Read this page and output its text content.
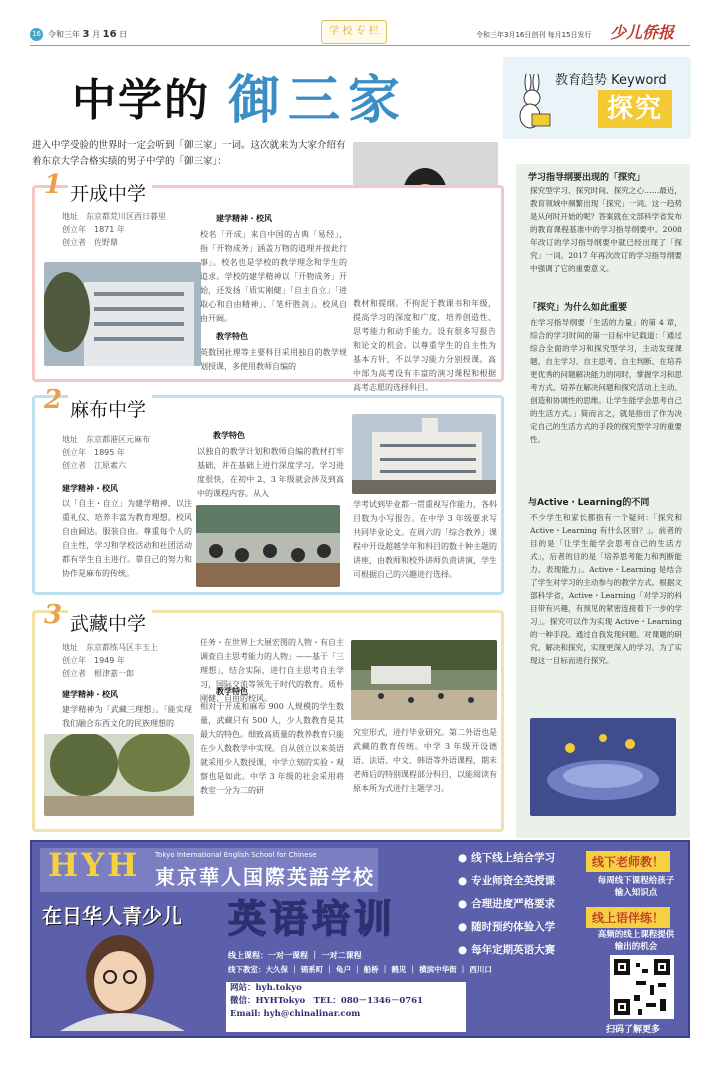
16 令和三年 3 月 16 日	学 校 专 栏	令和三年3月16日创刊 每月15日发行 少儿侨报
中学的 御三家
进入中学受验的世界时一定会听到「御三家」一词。这次就来为大家介绍有着东京大学合格实绩的男子中学的「御三家」：
教育趋势 Keyword
探究
1 开成中学
地址　东京都荒川区西日暮里
创立年　1871 年
创立者　佐野鼎
建学精神・校风
校名「开成」来自中国的古典「易经」，指「开物成务」涵盖万物的道理并按此行事」。校名也是学校的教学理念和学生的追求。学校的建学精神以「开物成务」开始，还发扬「质实刚健」「自主自立」「进取心和自由精神」、「笔杆胜剑」。校风自由开阔。
教学特色
英数国社理等主要科目采用独自的教学规划授课，多使用教师自编的
教材和提纲。不拘泥于教课书和年级，提高学习的深度和广度，培养创造性、思考能力和动手能力。设有很多写报告和论文的机会。以尊重学生的自主性为基本方针，不以学习能力分别授课。高中部为高考设有丰富的演习课程和根据高考志愿的选择科目。
2 麻布中学
地址　东京都港区元麻布
创立年　1895 年
创立者　江原素六
建学精神・校风
以「自主・自立」为建学精神、以注重礼仪、培养丰富为教育理想。校风自由阔达。服装自由。尊重每个人的自主性，学习和学校活动和社团活动都有学生自主进行。靠自己的努力和协作是麻布的传统。
教学特色
以独自的教学计划和教师自编的教材打牢基础，并在基础上进行深度学习。学习进度很快，在初中 2、3 年级就会涉及到高中的课程内容。从入
学考试到毕业都一贯重视写作能力，各科目数为小写报告。在中学 3 年级要求写共同毕业论文。在周六的「综合教养」课程中开设超越学年和科目的数十种主题的讲座，由教师和校外讲师负责讲演，学生可根据自己的兴趣进行选择。
3 武藏中学
地址　东京都练马区丰玉上
创立年　1949 年
创立者　根津嘉一郎
建学精神・校风
建学精神为「武藏三理想」。「能实现我们融合东西文化的民族理想的
任务・在世界上大展宏图的人物・有自主调查自主思考能力的人物」——基于「三理想」，结合实际，进行自主思考自主学习，国际交流等领先于时代的教育。质朴刚健、自由的校风。
教学特色
相对于开成和麻布 900 人规模的学生数量，武藏只有 500 人，少人数教育是其最大的特色。细致高质量的教养教育只能在少人数教学中实现。自从创立以来英语就采用少人数授课，中学立刻的实验・观察也是如此。中学 3 年级的社会采用将教室一分为二的研
究室形式，进行毕业研究。第二外语也是武藏的教育传统。中学 3 年级开设德语、法语、中文、韩语等外语课程，期末老师后的特别课程部分科目，以能阅读有原本所为式进行主题学习。
学习指导纲要出现的「探究」
探究型学习、探究时间、探究之心……最近，教育领域中频繁出现「探究」一词。这一趋势是从何时开始的呢？答案就在文部科学省发布的教育课程基准中的学习指导纲要中。2008年改订的学习指导纲要中就已经出现了「探究」一词。2017 年再次改订的学习指导纲要中强调了它的重要意义。
「探究」为什么如此重要
在学习指导纲要「生活的力量」的第 4 章，综合的学习时间的第一目标中记载道：「通过综合全面的学习和探究型学习，主动发现课题、自主学习、自主思考、自主判断、在培养更优秀的问题解决能力的同时，掌握学习和思考方式。培养在解决问题和探究活动上主动、创造和协调性的思维。让学生能学会思考自己的生活方式。」简而言之，就是指出了作为决定自己的生活方式的手段的探究型学习的重要性。
与Active・Learning的不同
不少学生和家长都指有一个疑问：「探究和 Active・Learning 有什么区别？」。前者的目的是「让学生能学会思考自己的生活方式」，后者的目的是「培养思考能力和判断能力、表现能力」。Active・Learning 是结合了学生对学习的主动参与的教学方式。根据文部科学省，Active・Learning「对学习的科目带有兴趣，有预见的紧密连接着下一步的学习」。探究可以作为实现 Active・Learning 的一种手段。通过自我发现问题、对课题的研究、解决和探究，实现更深入的学习。为了实现这一目标而进行探究。
HYH Tokyo International English School for Chinese
東京華人国際英語学校
在日华人青少儿 英语培训
● 线下线上结合学习
● 专业师资全英授课
● 合理进度严格要求
● 随时预约体验入学
● 每年定期英语大赛
线下老师教！
每周线下课程给孩子输入知识点
线上语伴练！
高频的线上课程提供输出的机会
线上课程：一对一课程 ｜ 一对二课程
线下教室：大久保 ｜ 锦系町 ｜ 龟户 ｜ 船桥 ｜ 鹤见 ｜ 横滨中华街 ｜ 西川口
网站：hyh.tokyo
微信：HYHTokyo　TEL：080－1346－0761
Email: hyh@chinalinar.com
扫码了解更多
